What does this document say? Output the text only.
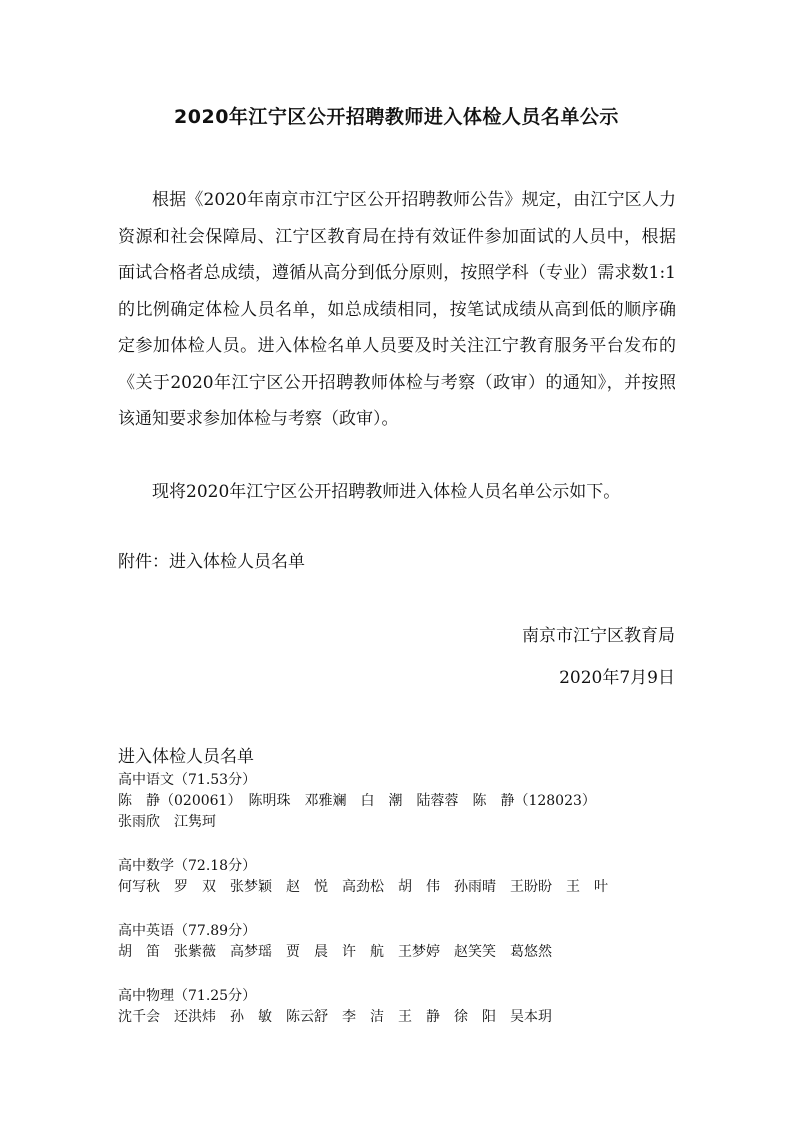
2020年江宁区公开招聘教师进入体检人员名单公示
根据《2020年南京市江宁区公开招聘教师公告》规定，由江宁区人力资源和社会保障局、江宁区教育局在持有效证件参加面试的人员中，根据面试合格者总成绩，遵循从高分到低分原则，按照学科（专业）需求数1:1的比例确定体检人员名单，如总成绩相同，按笔试成绩从高到低的顺序确定参加体检人员。进入体检名单人员要及时关注江宁教育服务平台发布的《关于2020年江宁区公开招聘教师体检与考察（政审）的通知》，并按照该通知要求参加体检与考察（政审）。
现将2020年江宁区公开招聘教师进入体检人员名单公示如下。
附件：进入体检人员名单
南京市江宁区教育局
2020年7月9日
进入体检人员名单
高中语文（71.53分）
陈　静（020061）　陈明珠　邓雅斓　白　潮　陆蓉蓉　陈　静（128023）
张雨欣　江隽珂
高中数学（72.18分）
何写秋　罗　双　张梦颖　赵　悦　高劲松　胡　伟　孙雨晴　王盼盼　王　叶
高中英语（77.89分）
胡　笛　张紫薇　高梦瑶　贾　晨　许　航　王梦婷　赵笑笑　葛悠然
高中物理（71.25分）
沈千会　还洪炜　孙　敏　陈云舒　李　洁　王　静　徐　阳　吴本玥
